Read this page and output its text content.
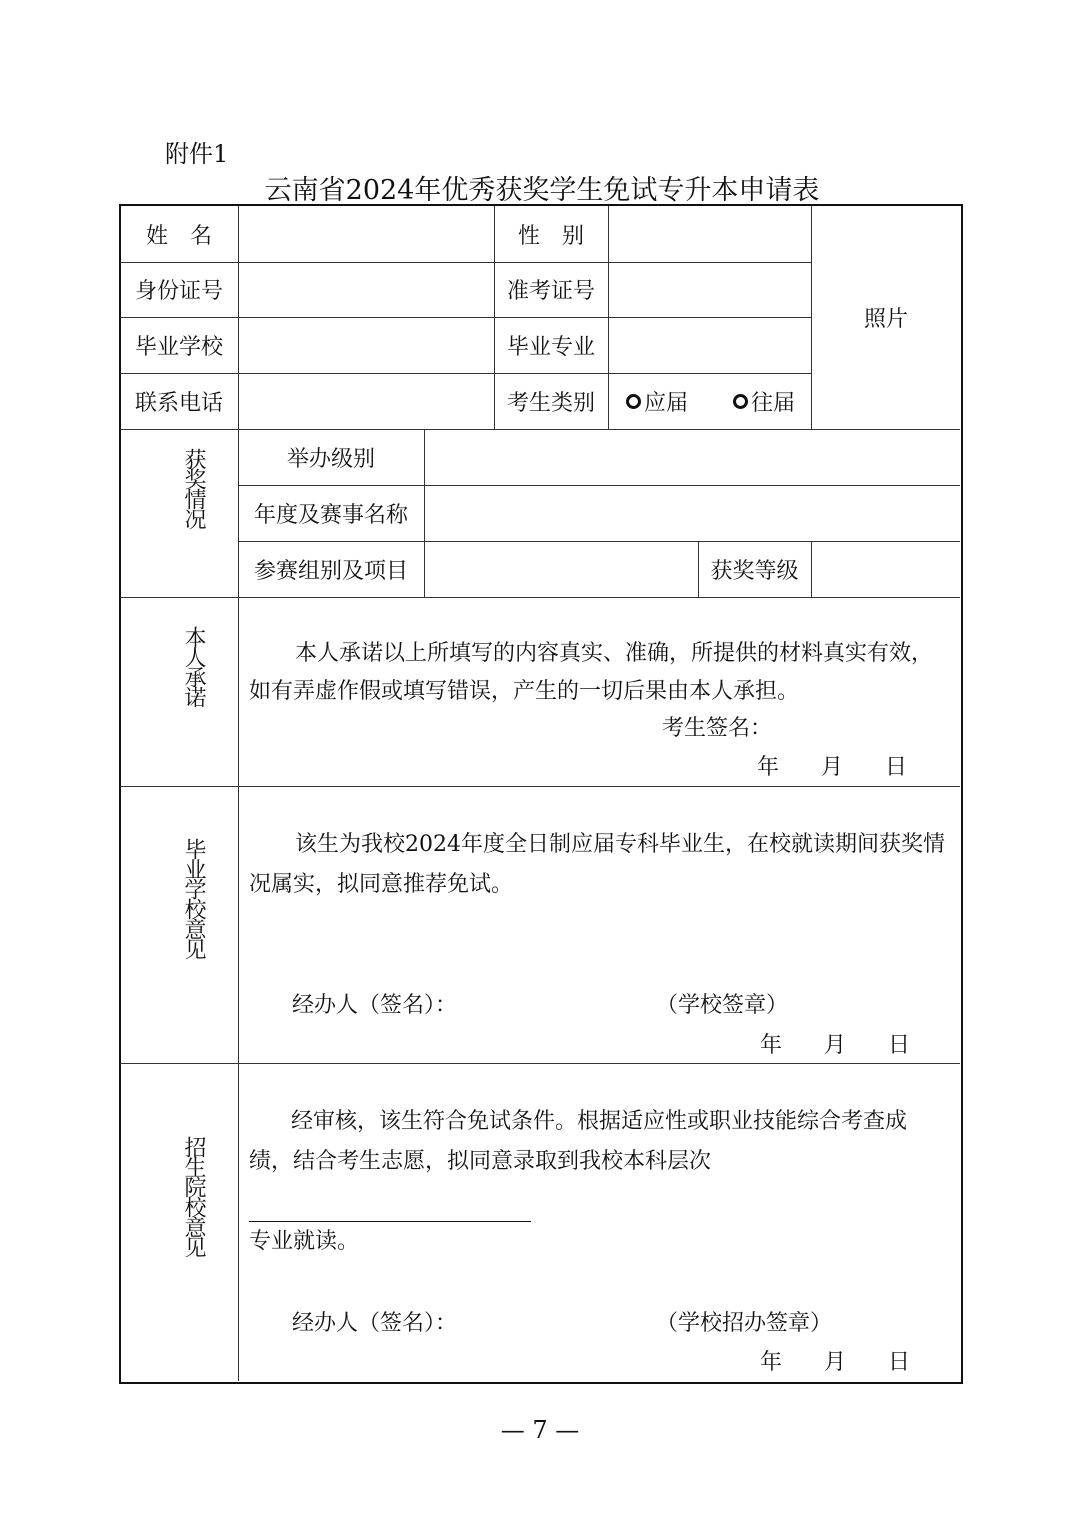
附件1
云南省2024年优秀获奖学生免试专升本申请表
姓　名	性　别
照片
身份证号	准考证号
毕业学校	毕业专业
联系电话	考生类别	应届	往届
获奖情况	举办级别
年度及赛事名称
参赛组别及项目	获奖等级
本人承诺	本人承诺以上所填写的内容真实、准确，所提供的材料真实有效，如有弄虚作假或填写错误，产生的一切后果由本人承担。
考生签名：
年 月 日
毕业学校意见	该生为我校2024年度全日制应届专科毕业生，在校就读期间获奖情况属实，拟同意推荐免试。
经办人（签名）：	（学校签章）
年 月 日
招生院校意见
经审核，该生符合免试条件。根据适应性或职业技能综合考查成绩，结合考生志愿，拟同意录取到我校本科层次
专业就读。
经办人（签名）：	（学校招办签章）
年 月 日
— 7 —
